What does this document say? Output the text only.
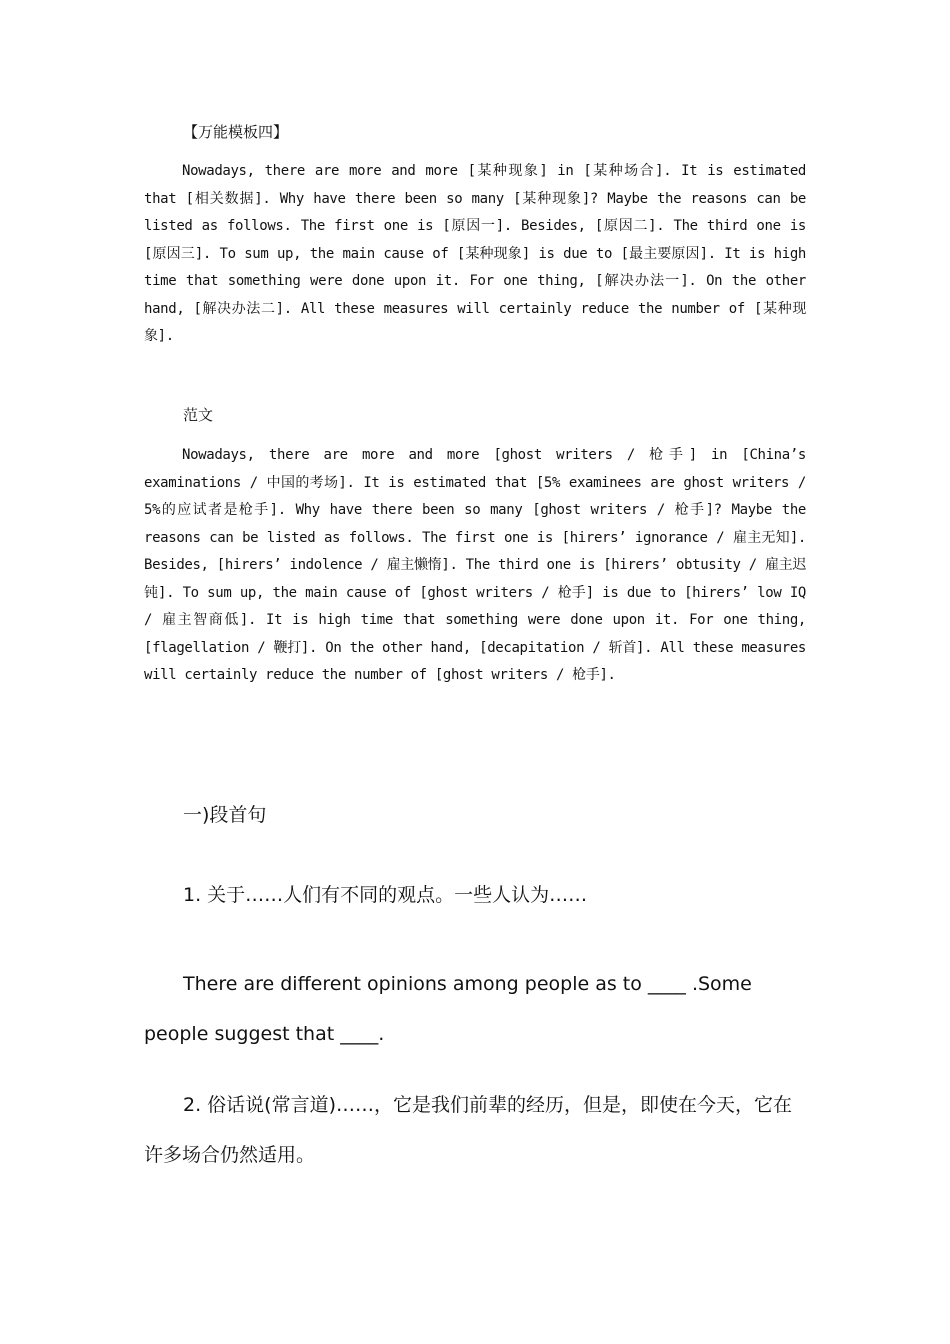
【万能模板四】

Nowadays, there are more and more [某种现象] in [某种场合]. It is estimated that [相关数据]. Why have there been so many [某种现象]? Maybe the reasons can be listed as follows. The first one is [原因一]. Besides, [原因二]. The third one is [原因三]. To sum up, the main cause of [某种现象] is due to [最主要原因]. It is high time that something were done upon it. For one thing, [解决办法一]. On the other hand, [解决办法二]. All these measures will certainly reduce the number of [某种现象].

范文

Nowadays, there are more and more [ghost writers / 枪手] in [China’s examinations / 中国的考场]. It is estimated that [5% examinees are ghost writers / 5%的应试者是枪手]. Why have there been so many [ghost writers / 枪手]? Maybe the reasons can be listed as follows. The first one is [hirers’ ignorance / 雇主无知]. Besides, [hirers’ indolence / 雇主懒惰]. The third one is [hirers’ obtusity / 雇主迟钝]. To sum up, the main cause of [ghost writers / 枪手] is due to [hirers’ low IQ / 雇主智商低]. It is high time that something were done upon it. For one thing, [flagellation / 鞭打]. On the other hand, [decapitation / 斩首]. All these measures will certainly reduce the number of [ghost writers / 枪手].

一)段首句

1. 关于……人们有不同的观点。一些人认为……

There are different opinions among people as to ____ .Some people suggest that ____.

2. 俗话说(常言道)……，它是我们前辈的经历，但是，即使在今天，它在许多场合仍然适用。
